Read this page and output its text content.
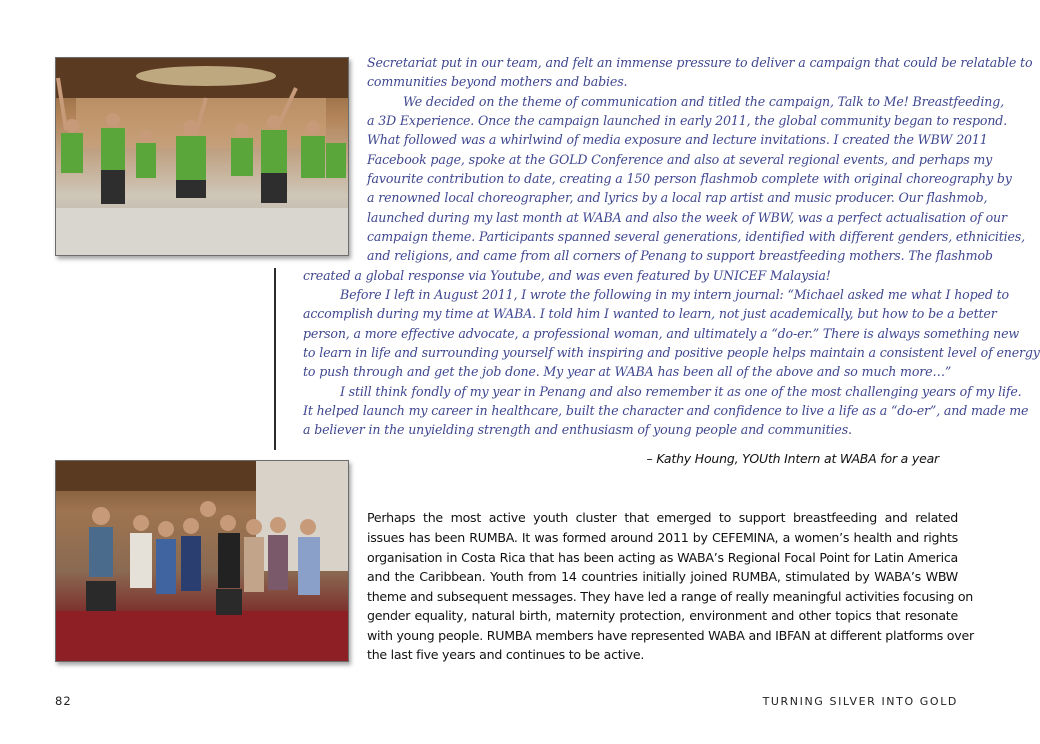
Secretariat put in our team, and felt an immense pressure to deliver a campaign that could be relatable to
communities beyond mothers and babies.
We decided on the theme of communication and titled the campaign, Talk to Me! Breastfeeding,
a 3D Experience. Once the campaign launched in early 2011, the global community began to respond.
What followed was a whirlwind of media exposure and lecture invitations. I created the WBW 2011
Facebook page, spoke at the GOLD Conference and also at several regional events, and perhaps my
favourite contribution to date, creating a 150 person flashmob complete with original choreography by
a renowned local choreographer, and lyrics by a local rap artist and music producer. Our flashmob,
launched during my last month at WABA and also the week of WBW, was a perfect actualisation of our
campaign theme. Participants spanned several generations, identified with different genders, ethnicities,
and religions, and came from all corners of Penang to support breastfeeding mothers. The flashmob
created a global response via Youtube, and was even featured by UNICEF Malaysia!
Before I left in August 2011, I wrote the following in my intern journal: “Michael asked me what I hoped to
accomplish during my time at WABA. I told him I wanted to learn, not just academically, but how to be a better
person, a more effective advocate, a professional woman, and ultimately a “do-er.” There is always something new
to learn in life and surrounding yourself with inspiring and positive people helps maintain a consistent level of energy
to push through and get the job done. My year at WABA has been all of the above and so much more…”
I still think fondly of my year in Penang and also remember it as one of the most challenging years of my life.
It helped launch my career in healthcare, built the character and confidence to live a life as a “do-er”, and made me
a believer in the unyielding strength and enthusiasm of young people and communities.
– Kathy Houng, YOUth Intern at WABA for a year
Perhaps the most active youth cluster that emerged to support breastfeeding and related
issues has been RUMBA. It was formed around 2011 by CEFEMINA, a women’s health and rights
organisation in Costa Rica that has been acting as WABA’s Regional Focal Point for Latin America
and the Caribbean. Youth from 14 countries initially joined RUMBA, stimulated by WABA’s WBW
theme and subsequent messages. They have led a range of really meaningful activities focusing on
gender equality, natural birth, maternity protection, environment and other topics that resonate
with young people. RUMBA members have represented WABA and IBFAN at different platforms over
the last five years and continues to be active.
82	TURNING SILVER INTO GOLD
